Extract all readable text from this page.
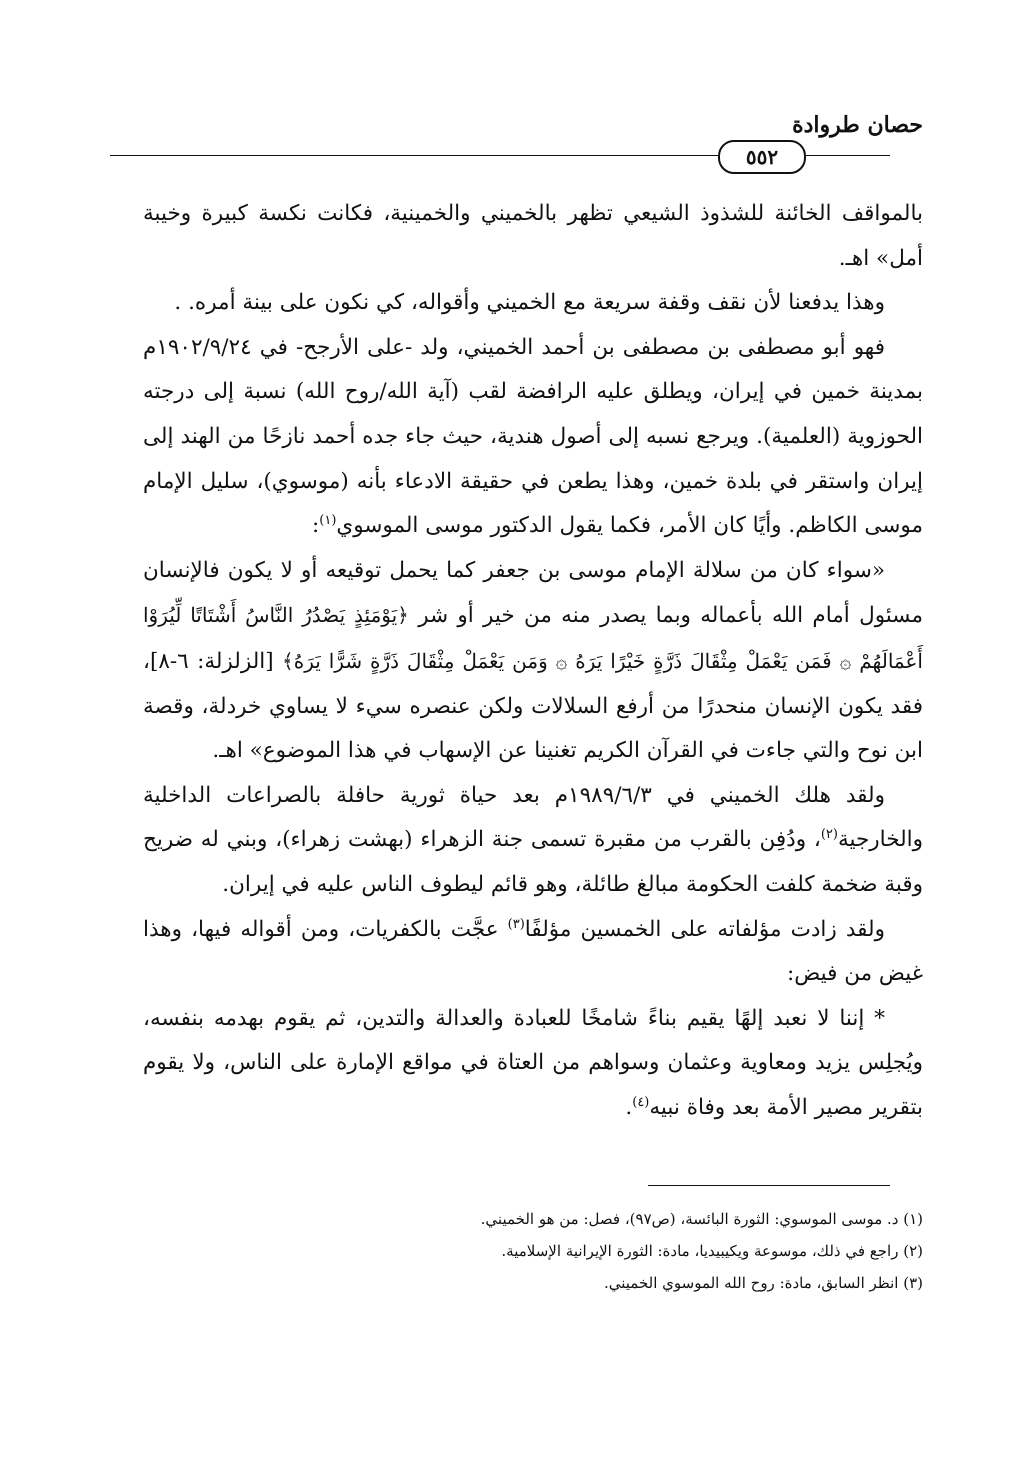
حصان طروادة
٥٥٢

بالمواقف الخائنة للشذوذ الشيعي تظهر بالخميني والخمينية، فكانت نكسة كبيرة وخيبة أمل» اهـ.

وهذا يدفعنا لأن نقف وقفة سريعة مع الخميني وأقواله، كي نكون على بينة أمره. .

فهو أبو مصطفى بن مصطفى بن أحمد الخميني، ولد -على الأرجح- في ١٩٠٢/٩/٢٤م بمدينة خمين في إيران، ويطلق عليه الرافضة لقب (آية الله/روح الله) نسبة إلى درجته الحوزوية (العلمية). ويرجع نسبه إلى أصول هندية، حيث جاء جده أحمد نازحًا من الهند إلى إيران واستقر في بلدة خمين، وهذا يطعن في حقيقة الادعاء بأنه (موسوي)، سليل الإمام موسى الكاظم. وأيًا كان الأمر، فكما يقول الدكتور موسى الموسوي$^{(١)}$:

«سواء كان من سلالة الإمام موسى بن جعفر كما يحمل توقيعه أو لا يكون فالإنسان مسئول أمام الله بأعماله وبما يصدر منه من خير أو شر ﴿يَوْمَئِذٍ يَصْدُرُ النَّاسُ أَشْتَاتًا لِّيُرَوْا أَعْمَالَهُمْ ۞ فَمَن يَعْمَلْ مِثْقَالَ ذَرَّةٍ خَيْرًا يَرَهُ ۞ وَمَن يَعْمَلْ مِثْقَالَ ذَرَّةٍ شَرًّا يَرَهُ﴾ [الزلزلة: ٦-٨]، فقد يكون الإنسان منحدرًا من أرفع السلالات ولكن عنصره سيء لا يساوي خردلة، وقصة ابن نوح والتي جاءت في القرآن الكريم تغنينا عن الإسهاب في هذا الموضوع» اهـ.

ولقد هلك الخميني في ١٩٨٩/٦/٣م بعد حياة ثورية حافلة بالصراعات الداخلية والخارجية$^{(٢)}$، ودُفِن بالقرب من مقبرة تسمى جنة الزهراء (بهشت زهراء)، وبني له ضريح وقبة ضخمة كلفت الحكومة مبالغ طائلة، وهو قائم ليطوف الناس عليه في إيران.

ولقد زادت مؤلفاته على الخمسين مؤلفًا$^{(٣)}$ عجَّت بالكفريات، ومن أقواله فيها، وهذا غيض من فيض:

* إننا لا نعبد إلهًا يقيم بناءً شامخًا للعبادة والعدالة والتدين، ثم يقوم بهدمه بنفسه، ويُجلِس يزيد ومعاوية وعثمان وسواهم من العتاة في مواقع الإمارة على الناس، ولا يقوم بتقرير مصير الأمة بعد وفاة نبيه$^{(٤)}$.

(١) د. موسى الموسوي: الثورة البائسة، (ص٩٧)، فصل: من هو الخميني.
(٢) راجع في ذلك، موسوعة ويكيبيديا، مادة: الثورة الإيرانية الإسلامية.
(٣) انظر السابق، مادة: روح الله الموسوي الخميني.
